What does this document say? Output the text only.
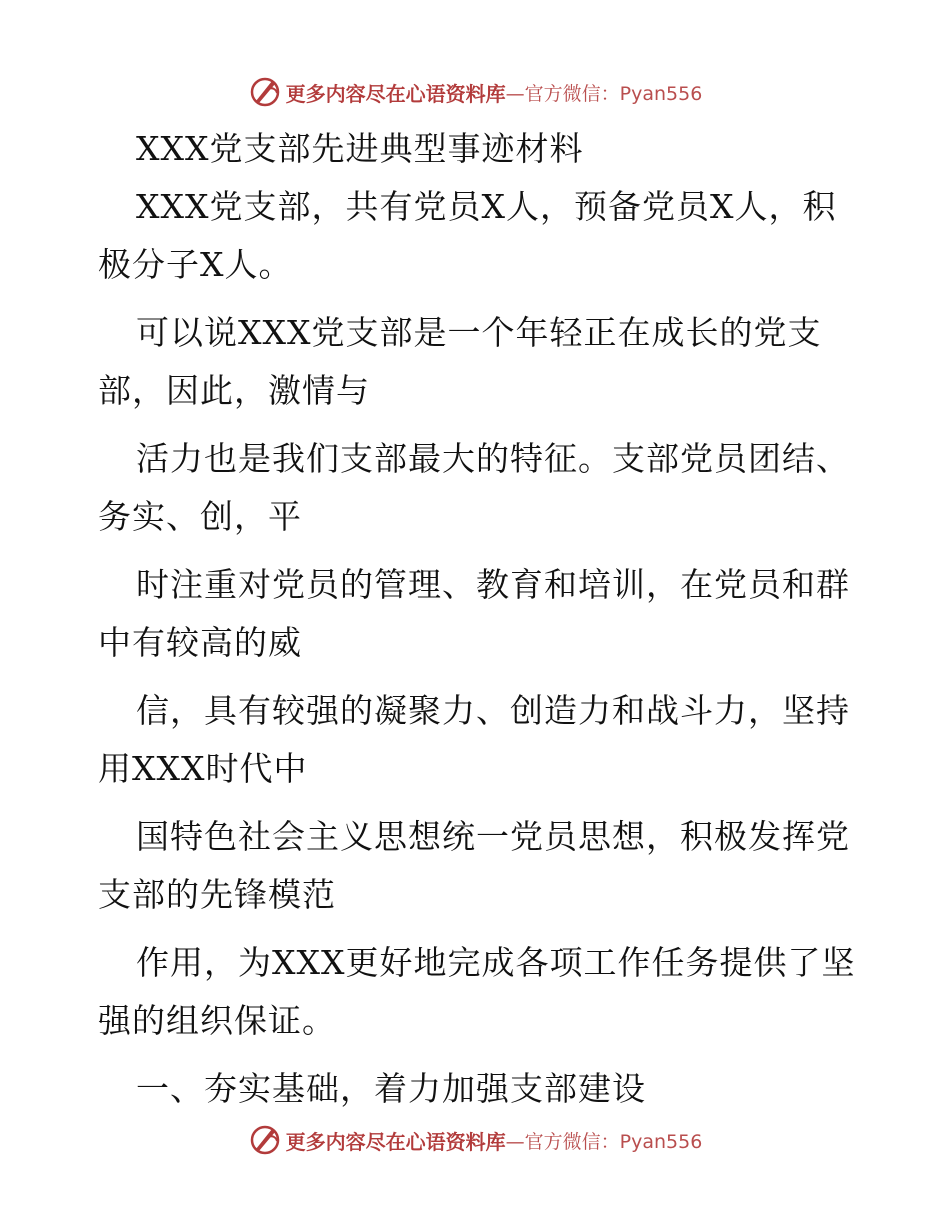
更多内容尽在心语资料库 —官方微信：Pyan556
XXX党支部先进典型事迹材料
XXX党支部，共有党员X人，预备党员X人，积
极分子X人。
可以说XXX党支部是一个年轻正在成长的党支
部，因此，激情与
活力也是我们支部最大的特征。支部党员团结、
务实、创，平
时注重对党员的管理、教育和培训，在党员和群
中有较高的威
信，具有较强的凝聚力、创造力和战斗力，坚持
用XXX时代中
国特色社会主义思想统一党员思想，积极发挥党
支部的先锋模范
作用，为XXX更好地完成各项工作任务提供了坚
强的组织保证。
一、夯实基础，着力加强支部建设
更多内容尽在心语资料库 —官方微信：Pyan556
